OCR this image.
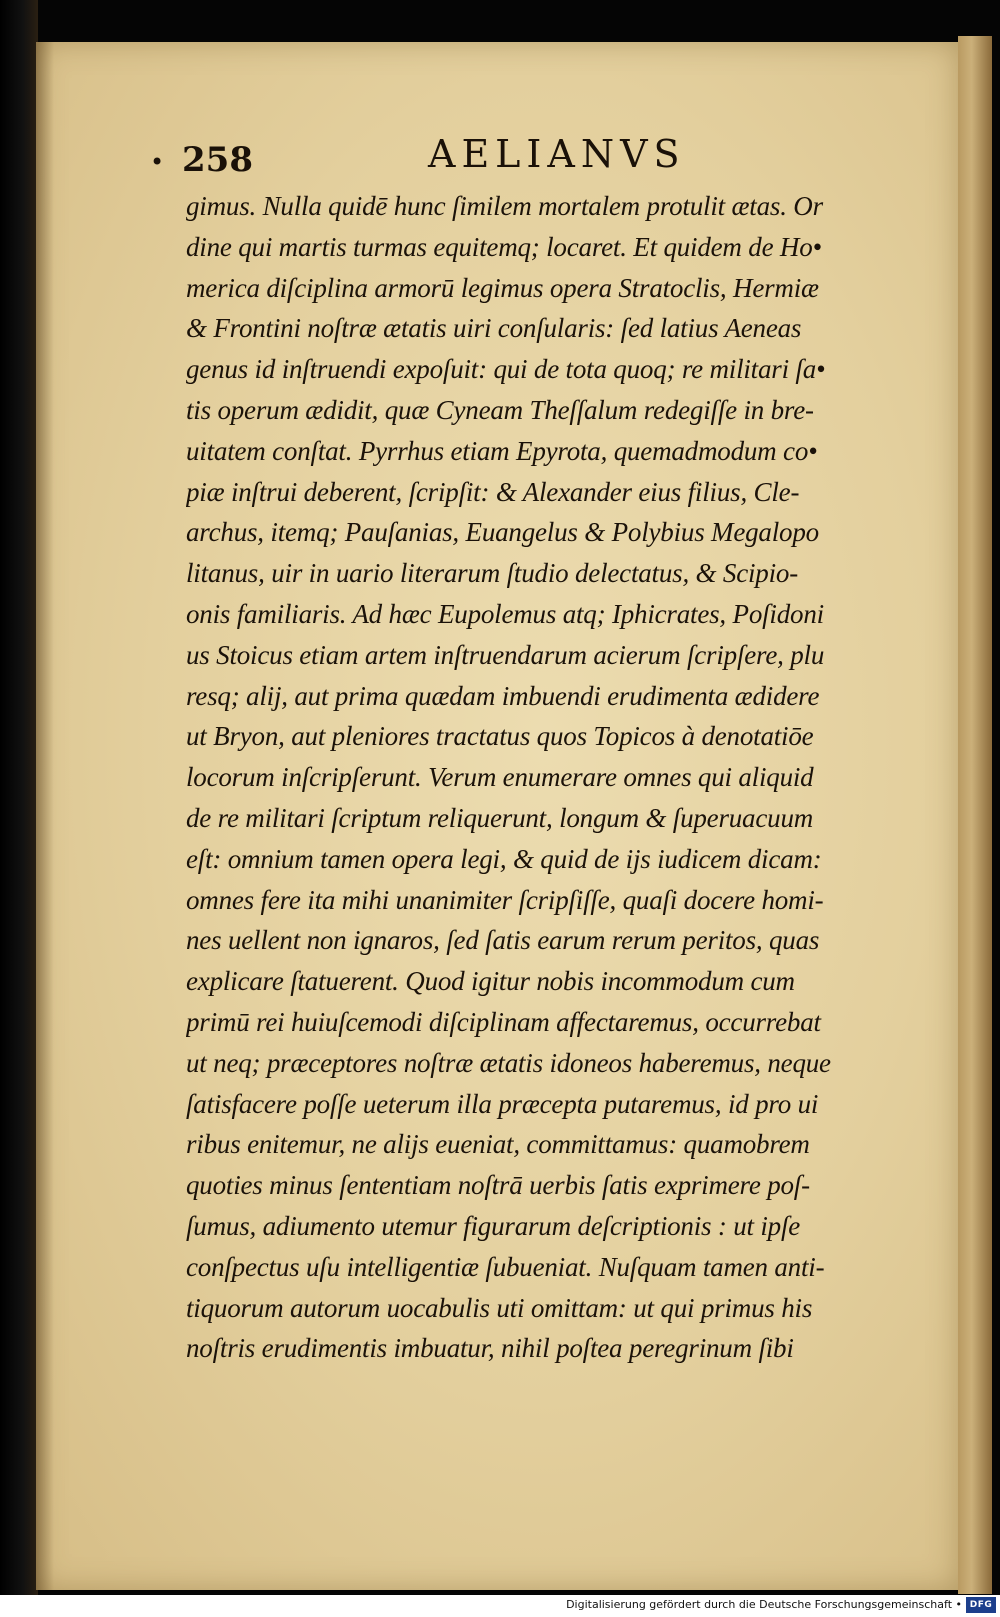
• 258	AELIANVS
gimus. Nulla quidē hunc ſimilem mortalem protulit ætas. Or
dine qui martis turmas equitemq; locaret. Et quidem de Ho•
merica diſciplina armorū legimus opera Stratoclis, Hermiæ
& Frontini noſtræ ætatis uiri conſularis: ſed latius Aeneas
genus id inſtruendi expoſuit: qui de tota quoq; re militari ſa•
tis operum ædidit, quæ Cyneam Theſſalum redegiſſe in bre-
uitatem conſtat. Pyrrhus etiam Epyrota, quemadmodum co•
piæ inſtrui deberent, ſcripſit: & Alexander eius filius, Cle-
archus, itemq; Pauſanias, Euangelus & Polybius Megalopo
litanus, uir in uario literarum ſtudio delectatus, & Scipio-
onis familiaris. Ad hæc Eupolemus atq; Iphicrates, Poſidoni
us Stoicus etiam artem inſtruendarum acierum ſcripſere, plu
resq; alij, aut prima quædam imbuendi erudimenta ædidere
ut Bryon, aut pleniores tractatus quos Topicos à denotatiōe
locorum inſcripſerunt. Verum enumerare omnes qui aliquid
de re militari ſcriptum reliquerunt, longum & ſuperuacuum
eſt: omnium tamen opera legi, & quid de ijs iudicem dicam:
omnes fere ita mihi unanimiter ſcripſiſſe, quaſi docere homi-
nes uellent non ignaros, ſed ſatis earum rerum peritos, quas
explicare ſtatuerent. Quod igitur nobis incommodum cum
primū rei huiuſcemodi diſciplinam affectaremus, occurrebat
ut neq; præceptores noſtræ ætatis idoneos haberemus, neque
ſatisfacere poſſe ueterum illa præcepta putaremus, id pro ui
ribus enitemur, ne alijs eueniat, committamus: quamobrem
quoties minus ſententiam noſtrā uerbis ſatis exprimere poſ-
ſumus, adiumento utemur figurarum deſcriptionis : ut ipſe
conſpectus uſu intelligentiæ ſubueniat. Nuſquam tamen anti-
tiquorum autorum uocabulis uti omittam: ut qui primus his
noſtris erudimentis imbuatur, nihil poſtea peregrinum ſibi
Digitalisierung gefördert durch die Deutsche Forschungsgemeinschaft • DFG
